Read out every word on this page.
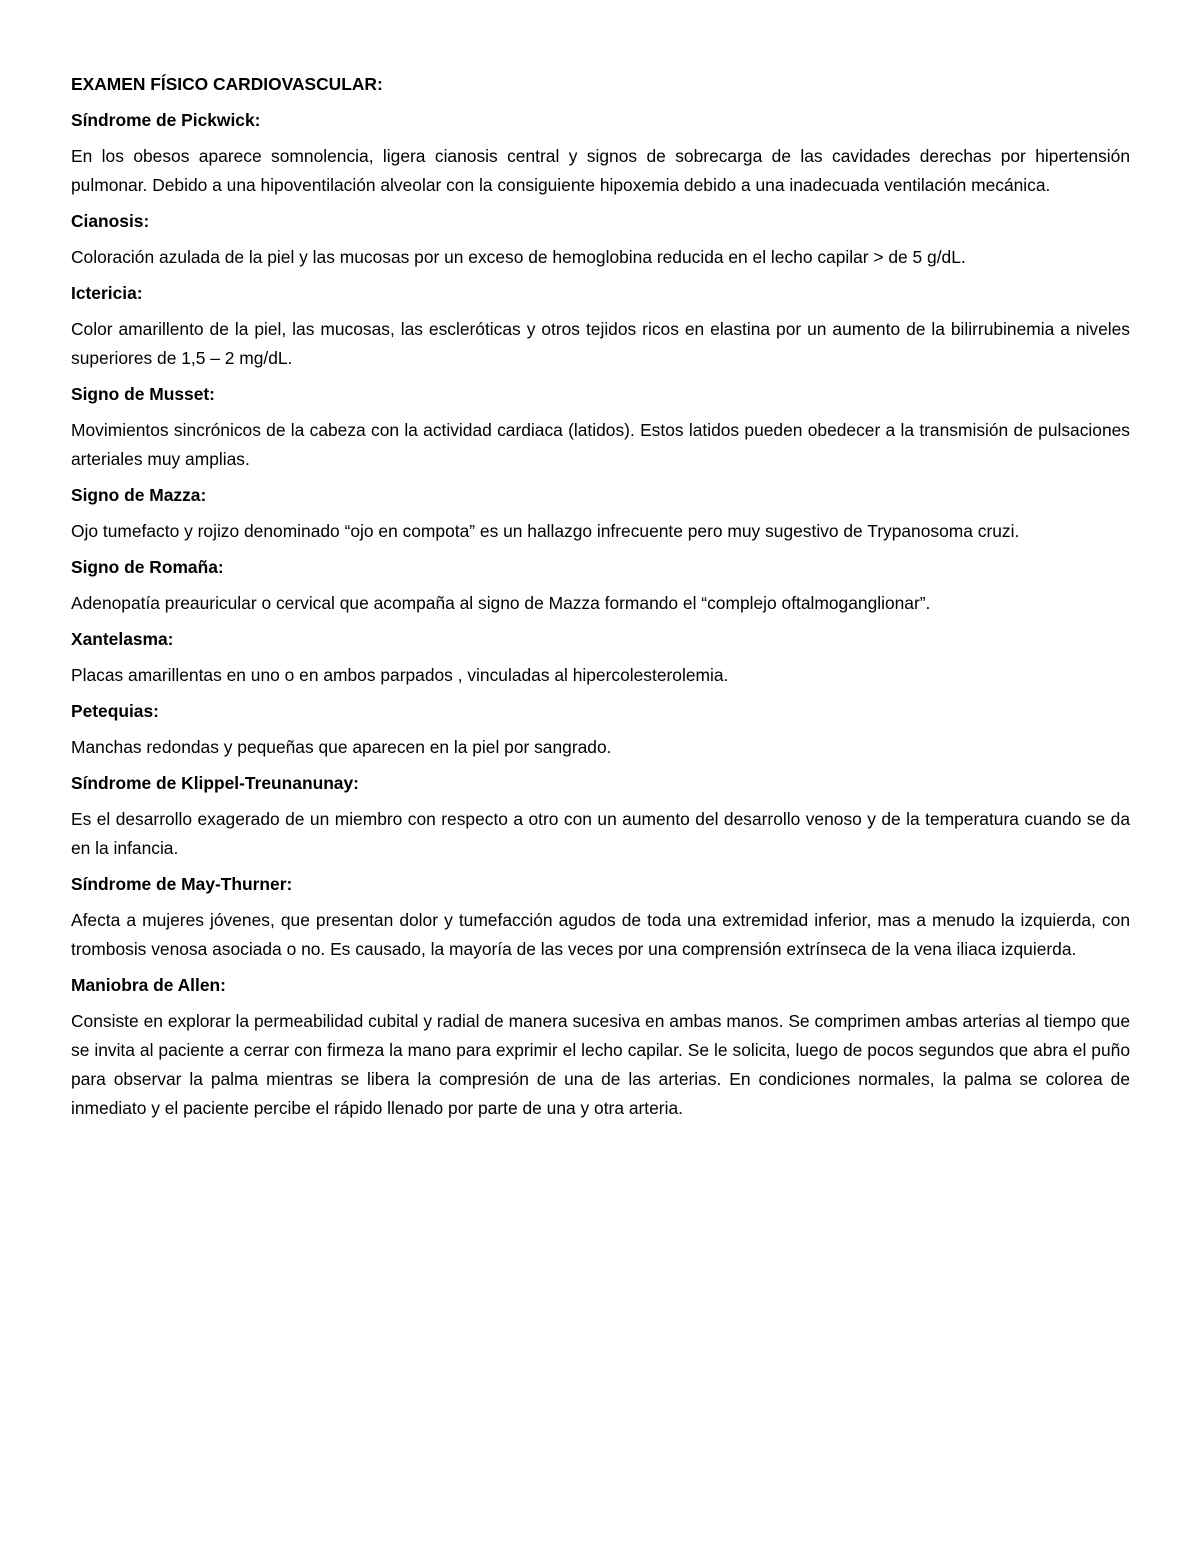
EXAMEN FÍSICO CARDIOVASCULAR:

Síndrome de Pickwick:

En los obesos aparece somnolencia, ligera cianosis central y signos de sobrecarga de las cavidades derechas por hipertensión pulmonar. Debido a una hipoventilación alveolar con la consiguiente hipoxemia debido a una inadecuada ventilación mecánica.

Cianosis:

Coloración azulada de la piel y las mucosas por un exceso de hemoglobina reducida en el lecho capilar > de 5 g/dL.

Ictericia:

Color amarillento de la piel, las mucosas, las escleróticas y otros tejidos ricos en elastina por un aumento de la bilirrubinemia a niveles superiores de 1,5 – 2 mg/dL.

Signo de Musset:

Movimientos sincrónicos de la cabeza con la actividad cardiaca (latidos). Estos latidos pueden obedecer a la transmisión de pulsaciones arteriales muy amplias.

Signo de Mazza:

Ojo tumefacto y rojizo denominado “ojo en compota” es un hallazgo infrecuente pero muy sugestivo de Trypanosoma cruzi.

Signo de Romaña:

Adenopatía preauricular o cervical que acompaña al signo de Mazza formando el “complejo oftalmoganglionar”.

Xantelasma:

Placas amarillentas en uno o en ambos parpados , vinculadas al hipercolesterolemia.

Petequias:

Manchas redondas y pequeñas que aparecen en la piel por sangrado.

Síndrome de Klippel-Treunanunay:

Es el desarrollo exagerado de un miembro con respecto a otro con un aumento del desarrollo venoso y de la temperatura cuando se da en la infancia.

Síndrome de May-Thurner:

Afecta a mujeres jóvenes, que presentan dolor y tumefacción agudos de toda una extremidad inferior, mas a menudo la izquierda, con trombosis venosa asociada o no. Es causado, la mayoría de las veces por una comprensión extrínseca de la vena iliaca izquierda.

Maniobra de Allen:

Consiste en explorar la permeabilidad cubital y radial de manera sucesiva en ambas manos. Se comprimen ambas arterias al tiempo que se invita al paciente a cerrar con firmeza la mano para exprimir el lecho capilar. Se le solicita, luego de pocos segundos que abra el puño para observar la palma mientras se libera la compresión de una de las arterias. En condiciones normales, la palma se colorea de inmediato y el paciente percibe el rápido llenado por parte de una y otra arteria.
